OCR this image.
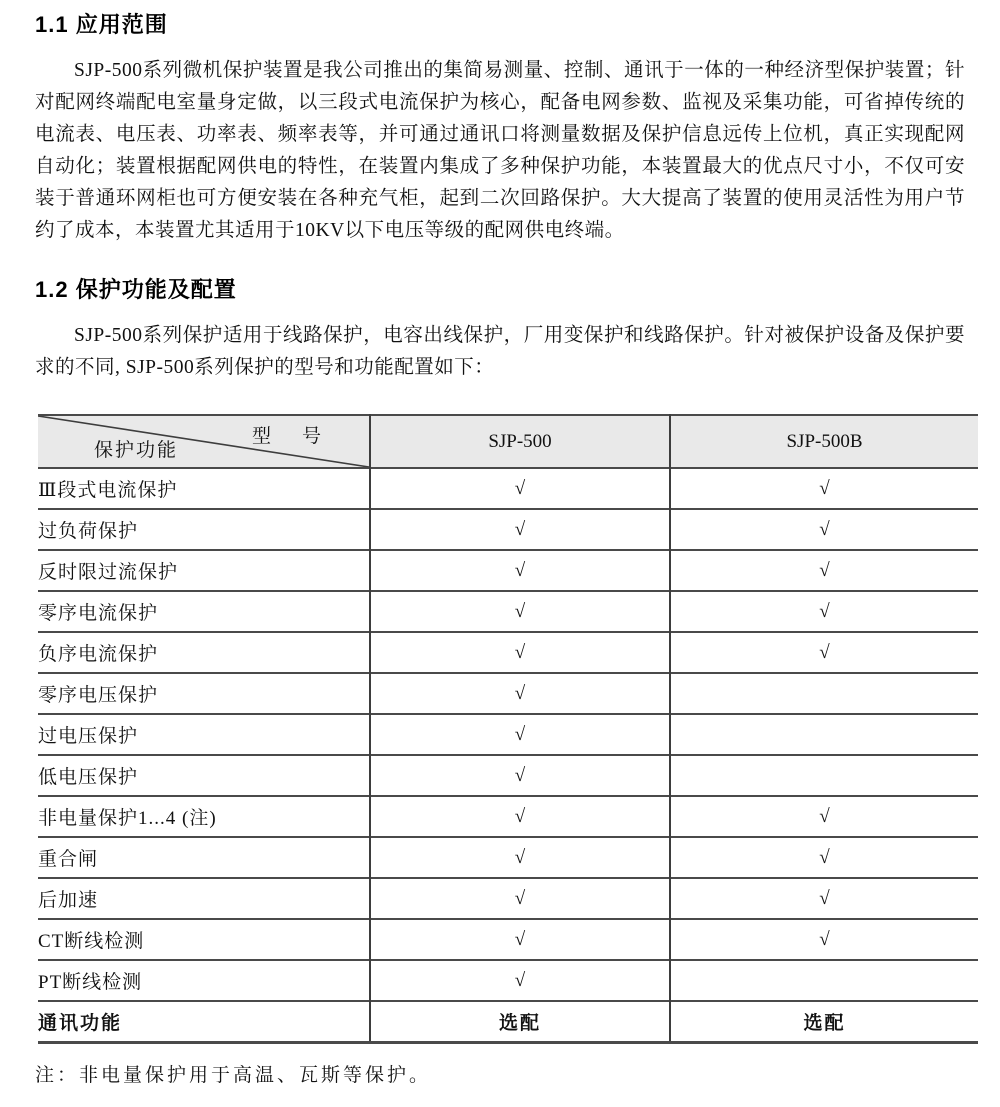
1.1 应用范围

SJP-500系列微机保护装置是我公司推出的集简易测量、控制、通讯于一体的一种经济型保护装置；针对配网终端配电室量身定做，以三段式电流保护为核心，配备电网参数、监视及采集功能，可省掉传统的电流表、电压表、功率表、频率表等，并可通过通讯口将测量数据及保护信息远传上位机，真正实现配网自动化；装置根据配网供电的特性，在装置内集成了多种保护功能，本装置最大的优点尺寸小，不仅可安装于普通环网柜也可方便安装在各种充气柜，起到二次回路保护。大大提高了装置的使用灵活性为用户节约了成本，本装置尤其适用于10KV以下电压等级的配网供电终端。

1.2 保护功能及配置

SJP-500系列保护适用于线路保护，电容出线保护，厂用变保护和线路保护。针对被保护设备及保护要求的不同, SJP-500系列保护的型号和功能配置如下：

型　号
保护功能	SJP-500	SJP-500B
Ⅲ段式电流保护	√	√
过负荷保护	√	√
反时限过流保护	√	√
零序电流保护	√	√
负序电流保护	√	√
零序电压保护	√	
过电压保护	√	
低电压保护	√	
非电量保护1...4 (注)	√	√
重合闸	√	√
后加速	√	√
CT断线检测	√	√
PT断线检测	√	
通讯功能	选配	选配

注：非电量保护用于高温、瓦斯等保护。
